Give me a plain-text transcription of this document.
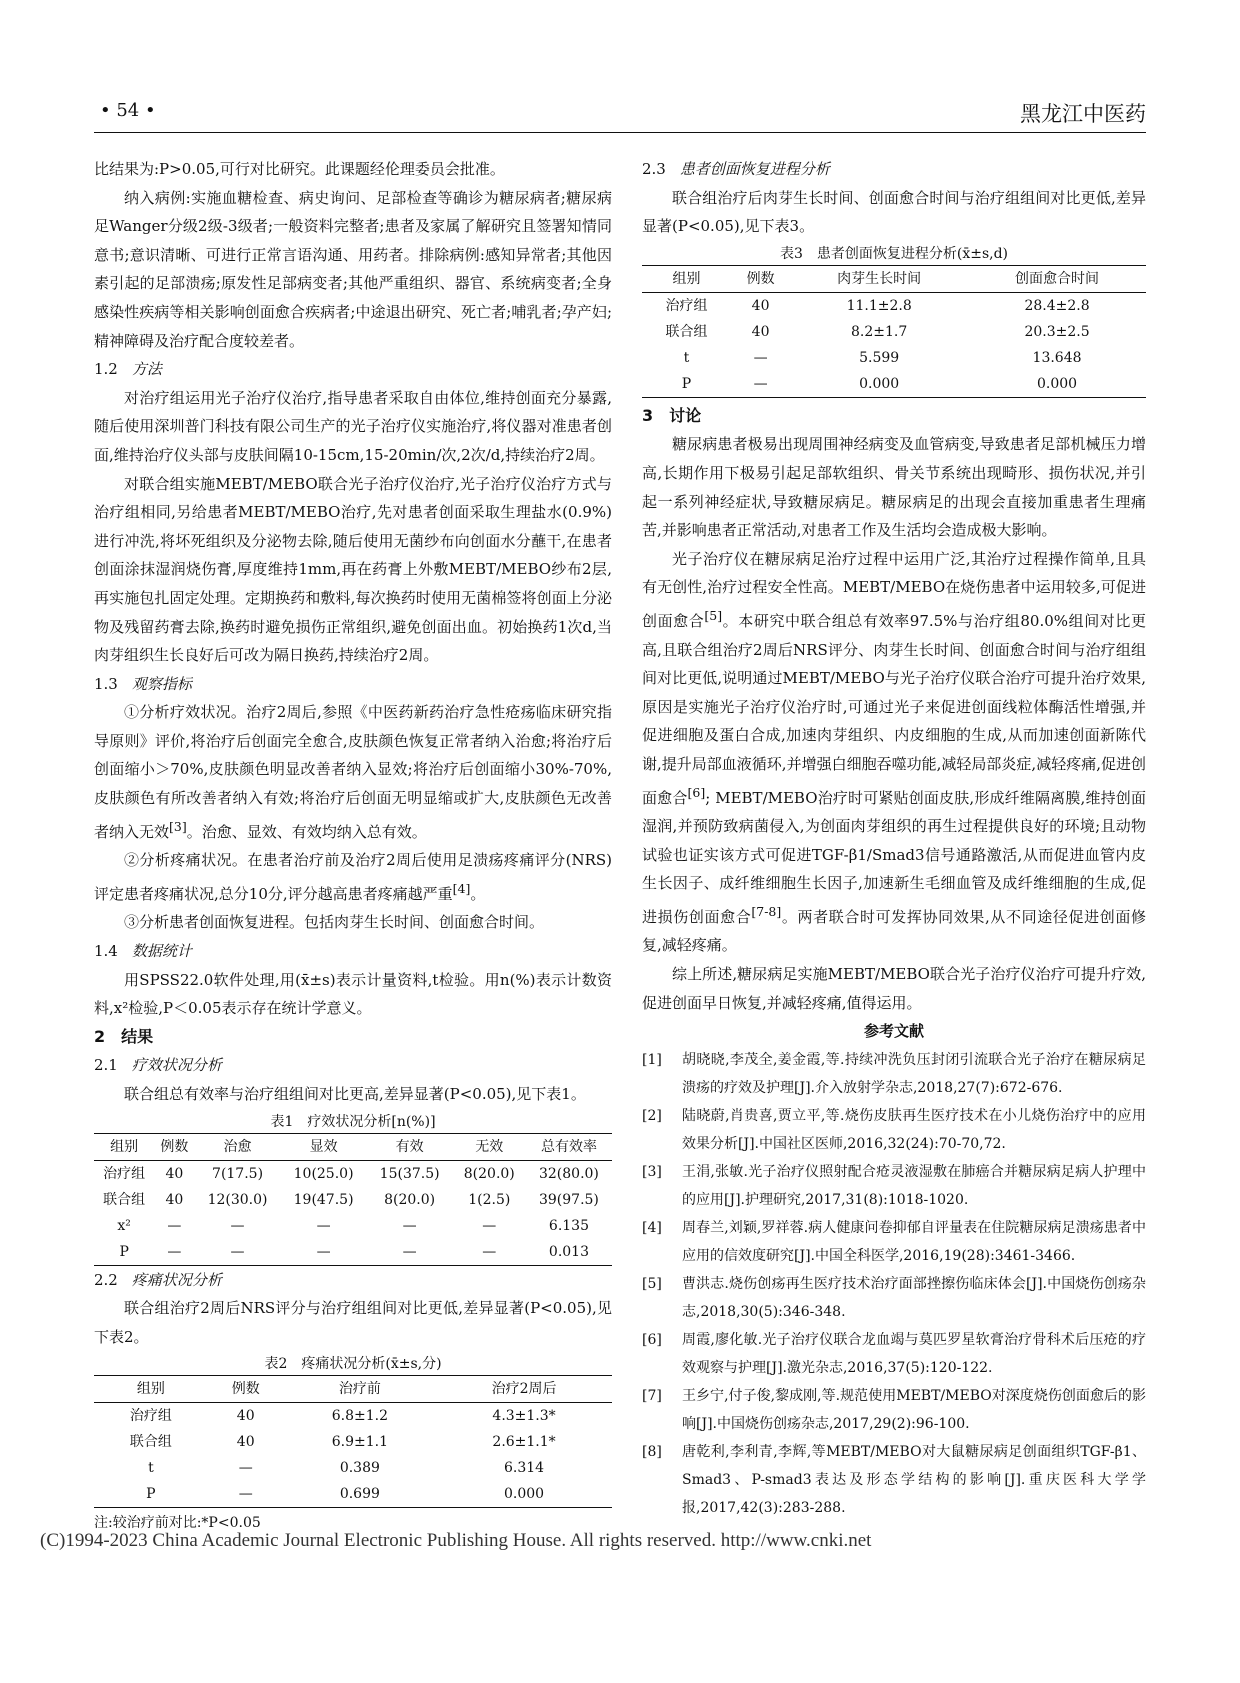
• 54 •	黑龙江中医药

比结果为:P>0.05,可行对比研究。此课题经伦理委员会批准。

纳入病例:实施血糖检查、病史询问、足部检查等确诊为糖尿病者;糖尿病足Wanger分级2级-3级者;一般资料完整者;患者及家属了解研究且签署知情同意书;意识清晰、可进行正常言语沟通、用药者。排除病例:感知异常者;其他因素引起的足部溃疡;原发性足部病变者;其他严重组织、器官、系统病变者;全身感染性疾病等相关影响创面愈合疾病者;中途退出研究、死亡者;哺乳者;孕产妇;精神障碍及治疗配合度较差者。

1.2 方法

对治疗组运用光子治疗仪治疗,指导患者采取自由体位,维持创面充分暴露,随后使用深圳普门科技有限公司生产的光子治疗仪实施治疗,将仪器对准患者创面,维持治疗仪头部与皮肤间隔10-15cm,15-20min/次,2次/d,持续治疗2周。

对联合组实施MEBT/MEBO联合光子治疗仪治疗,光子治疗仪治疗方式与治疗组相同,另给患者MEBT/MEBO治疗,先对患者创面采取生理盐水(0.9%)进行冲洗,将坏死组织及分泌物去除,随后使用无菌纱布向创面水分蘸干,在患者创面涂抹湿润烧伤膏,厚度维持1mm,再在药膏上外敷MEBT/MEBO纱布2层,再实施包扎固定处理。定期换药和敷料,每次换药时使用无菌棉签将创面上分泌物及残留药膏去除,换药时避免损伤正常组织,避免创面出血。初始换药1次d,当肉芽组织生长良好后可改为隔日换药,持续治疗2周。

1.3 观察指标

①分析疗效状况。治疗2周后,参照《中医药新药治疗急性疮疡临床研究指导原则》评价,将治疗后创面完全愈合,皮肤颜色恢复正常者纳入治愈;将治疗后创面缩小＞70%,皮肤颜色明显改善者纳入显效;将治疗后创面缩小30%-70%,皮肤颜色有所改善者纳入有效;将治疗后创面无明显缩或扩大,皮肤颜色无改善者纳入无效[3]。治愈、显效、有效均纳入总有效。

②分析疼痛状况。在患者治疗前及治疗2周后使用足溃疡疼痛评分(NRS)评定患者疼痛状况,总分10分,评分越高患者疼痛越严重[4]。

③分析患者创面恢复进程。包括肉芽生长时间、创面愈合时间。

1.4 数据统计

用SPSS22.0软件处理,用(x̄±s)表示计量资料,t检验。用n(%)表示计数资料,x²检验,P＜0.05表示存在统计学意义。

2　结果

2.1 疗效状况分析

联合组总有效率与治疗组组间对比更高,差异显著(P<0.05),见下表1。

表1　疗效状况分析[n(%)]
组别	例数	治愈	显效	有效	无效	总有效率
治疗组	40	7(17.5)	10(25.0)	15(37.5)	8(20.0)	32(80.0)
联合组	40	12(30.0)	19(47.5)	8(20.0)	1(2.5)	39(97.5)
x²	—	—	—	—	—	6.135
P	—	—	—	—	—	0.013

2.2 疼痛状况分析

联合组治疗2周后NRS评分与治疗组组间对比更低,差异显著(P<0.05),见下表2。

表2　疼痛状况分析(x̄±s,分)
组别	例数	治疗前	治疗2周后
治疗组	40	6.8±1.2	4.3±1.3*
联合组	40	6.9±1.1	2.6±1.1*
t	—	0.389	6.314
P	—	0.699	0.000
注:较治疗前对比:*P<0.05

2.3 患者创面恢复进程分析

联合组治疗后肉芽生长时间、创面愈合时间与治疗组组间对比更低,差异显著(P<0.05),见下表3。

表3　患者创面恢复进程分析(x̄±s,d)
组别	例数	肉芽生长时间	创面愈合时间
治疗组	40	11.1±2.8	28.4±2.8
联合组	40	8.2±1.7	20.3±2.5
t	—	5.599	13.648
P	—	0.000	0.000

3　讨论

糖尿病患者极易出现周围神经病变及血管病变,导致患者足部机械压力增高,长期作用下极易引起足部软组织、骨关节系统出现畸形、损伤状况,并引起一系列神经症状,导致糖尿病足。糖尿病足的出现会直接加重患者生理痛苦,并影响患者正常活动,对患者工作及生活均会造成极大影响。

光子治疗仪在糖尿病足治疗过程中运用广泛,其治疗过程操作简单,且具有无创性,治疗过程安全性高。MEBT/MEBO在烧伤患者中运用较多,可促进创面愈合[5]。本研究中联合组总有效率97.5%与治疗组80.0%组间对比更高,且联合组治疗2周后NRS评分、肉芽生长时间、创面愈合时间与治疗组组间对比更低,说明通过MEBT/MEBO与光子治疗仪联合治疗可提升治疗效果,原因是实施光子治疗仪治疗时,可通过光子来促进创面线粒体酶活性增强,并促进细胞及蛋白合成,加速肉芽组织、内皮细胞的生成,从而加速创面新陈代谢,提升局部血液循环,并增强白细胞吞噬功能,减轻局部炎症,减轻疼痛,促进创面愈合[6]; MEBT/MEBO治疗时可紧贴创面皮肤,形成纤维隔离膜,维持创面湿润,并预防致病菌侵入,为创面肉芽组织的再生过程提供良好的环境;且动物试验也证实该方式可促进TGF-β1/Smad3信号通路激活,从而促进血管内皮生长因子、成纤维细胞生长因子,加速新生毛细血管及成纤维细胞的生成,促进损伤创面愈合[7-8]。两者联合时可发挥协同效果,从不同途径促进创面修复,减轻疼痛。

综上所述,糖尿病足实施MEBT/MEBO联合光子治疗仪治疗可提升疗效,促进创面早日恢复,并减轻疼痛,值得运用。

参考文献

[1]	胡晓晓,李茂全,姜金霞,等.持续冲洗负压封闭引流联合光子治疗在糖尿病足溃疡的疗效及护理[J].介入放射学杂志,2018,27(7):672-676.
[2]	陆晓蔚,肖贵喜,贾立平,等.烧伤皮肤再生医疗技术在小儿烧伤治疗中的应用效果分析[J].中国社区医师,2016,32(24):70-70,72.
[3]	王涓,张敏.光子治疗仪照射配合疮灵液湿敷在肺癌合并糖尿病足病人护理中的应用[J].护理研究,2017,31(8):1018-1020.
[4]	周春兰,刘颖,罗祥蓉.病人健康问卷抑郁自评量表在住院糖尿病足溃疡患者中应用的信效度研究[J].中国全科医学,2016,19(28):3461-3466.
[5]	曹洪志.烧伤创疡再生医疗技术治疗面部挫擦伤临床体会[J].中国烧伤创疡杂志,2018,30(5):346-348.
[6]	周霞,廖化敏.光子治疗仪联合龙血竭与莫匹罗星软膏治疗骨科术后压疮的疗效观察与护理[J].激光杂志,2016,37(5):120-122.
[7]	王乡宁,付子俊,黎成刚,等.规范使用MEBT/MEBO对深度烧伤创面愈后的影响[J].中国烧伤创疡杂志,2017,29(2):96-100.
[8]	唐乾利,李利青,李辉,等MEBT/MEBO对大鼠糖尿病足创面组织TGF-β1、Smad3、P-smad3表达及形态学结构的影响[J].重庆医科大学学报,2017,42(3):283-288.
(C)1994-2023 China Academic Journal Electronic Publishing House. All rights reserved. http://www.cnki.net
